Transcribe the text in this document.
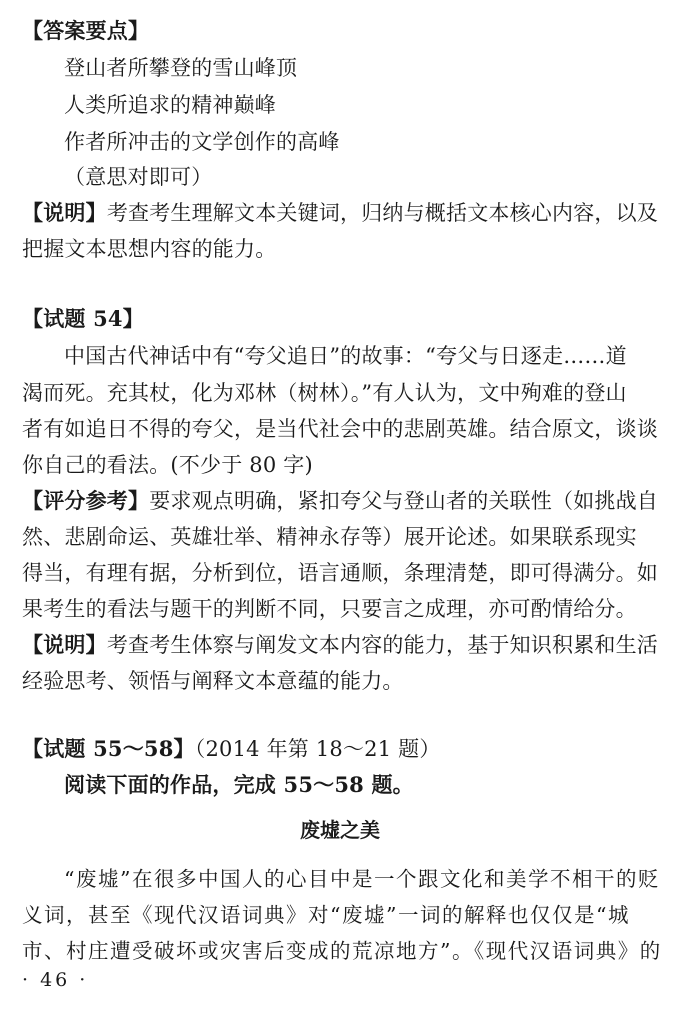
【答案要点】
登山者所攀登的雪山峰顶
人类所追求的精神巅峰
作者所冲击的文学创作的高峰
（意思对即可）
【说明】考查考生理解文本关键词，归纳与概括文本核心内容，以及
把握文本思想内容的能力。
【试题 54】
中国古代神话中有“夸父追日”的故事：“夸父与日逐走……道
渴而死。充其杖，化为邓林（树林）。”有人认为，文中殉难的登山
者有如追日不得的夸父，是当代社会中的悲剧英雄。结合原文，谈谈
你自己的看法。(不少于 80 字)
【评分参考】要求观点明确，紧扣夸父与登山者的关联性（如挑战自
然、悲剧命运、英雄壮举、精神永存等）展开论述。如果联系现实
得当，有理有据，分析到位，语言通顺，条理清楚，即可得满分。如
果考生的看法与题干的判断不同，只要言之成理，亦可酌情给分。
【说明】考查考生体察与阐发文本内容的能力，基于知识积累和生活
经验思考、领悟与阐释文本意蕴的能力。
【试题 55～58】（2014 年第 18～21 题）
阅读下面的作品，完成 55～58 题。
废墟之美
“废墟”在很多中国人的心目中是一个跟文化和美学不相干的贬
义词，甚至《现代汉语词典》对“废墟”一词的解释也仅仅是“城
市、村庄遭受破坏或灾害后变成的荒凉地方”。《现代汉语词典》的
· 46 ·
